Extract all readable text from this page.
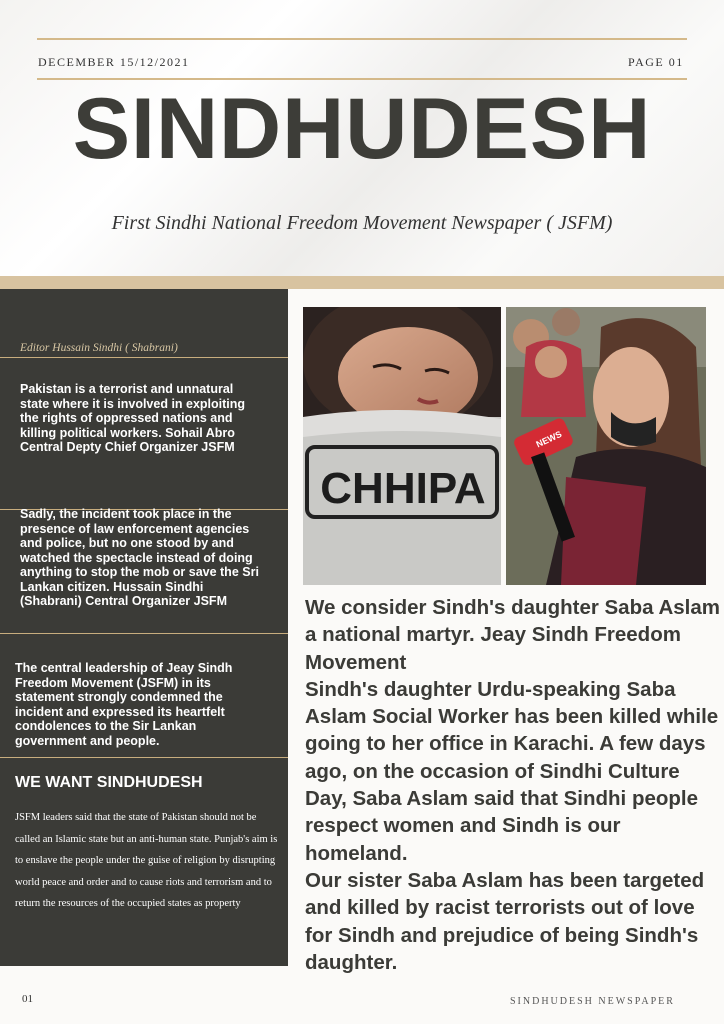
DECEMBER 15/12/2021	PAGE 01
SINDHUDESH
First Sindhi National Freedom Movement Newspaper ( JSFM)
Editor Hussain Sindhi ( Shabrani)
Pakistan is a terrorist and unnatural state where it is involved in exploiting the rights of oppressed nations and killing political workers. Sohail Abro Central Depty Chief Organizer JSFM
Sadly, the incident took place in the presence of law enforcement agencies and police, but no one stood by and watched the spectacle instead of doing anything to stop the mob or save the Sri Lankan citizen. Hussain Sindhi (Shabrani) Central Organizer JSFM
The central leadership of Jeay Sindh Freedom Movement (JSFM) in its statement strongly condemned the incident and expressed its heartfelt condolences to the Sir Lankan government and people.
WE WANT SINDHUDESH
JSFM leaders said that the state of Pakistan should not be called an Islamic state but an anti-human state. Punjab's aim is to enslave the people under the guise of religion by disrupting world peace and order and to cause riots and terrorism and to return the resources of the occupied states as property
CHHIPA
NEWS
We consider Sindh's daughter Saba Aslam a national martyr. Jeay Sindh Freedom Movement
Sindh's daughter Urdu-speaking Saba Aslam Social Worker has been killed while going to her office in Karachi. A few days ago, on the occasion of Sindhi Culture Day, Saba Aslam said that Sindhi people respect women and Sindh is our homeland.
Our sister Saba Aslam has been targeted and killed by racist terrorists out of love for Sindh and prejudice of being Sindh's daughter.
01	SINDHUDESH NEWSPAPER
